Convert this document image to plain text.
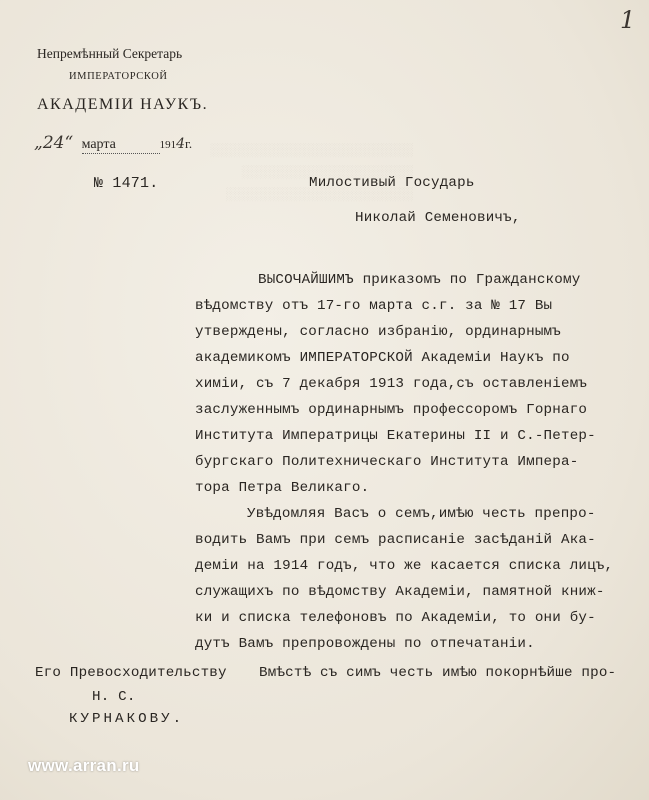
1
░░░░░░░░░░░░░░░░░░░░░░░░░░
░░░░░░░░░░░░░░░░░░░░░░
░░░░░░░░░░░░░░░░░░░░░░░░
Непремѣнный Секретарь
ИМПЕРАТОРСКОЙ
АКАДЕМІИ НАУКЪ.
„24“ марта	1914г.
№ 1471.	Милостивый Государь
Николай Семеновичъ,
ВЫСОЧАЙШИМЪ приказомъ по Гражданскому
вѣдомству отъ 17-го марта с.г. за № 17 Вы
утверждены, согласно избранію, ординарнымъ
академикомъ ИМПЕРАТОРСКОЙ Академіи Наукъ по
химіи, съ 7 декабря 1913 года,съ оставленіемъ
заслуженнымъ ординарнымъ профессоромъ Горнаго
Института Императрицы Екатерины II и С.-Петер-
бургскаго Политехническаго Института Импера-
тора Петра Великаго.
Увѣдомляя Васъ о семъ,имѣю честь препро-
водить Вамъ при семъ расписаніе засѣданій Ака-
деміи на 1914 годъ, что же касается списка лицъ,
служащихъ по вѣдомству Академіи, памятной книж-
ки и списка телефоновъ по Академіи, то они бу-
дутъ Вамъ препровождены по отпечатаніи.
Вмѣстѣ съ симъ честь имѣю покорнѣйше про-
Его Превосходительству
Н. С.
КУРНАКОВУ.
www.arran.ru
